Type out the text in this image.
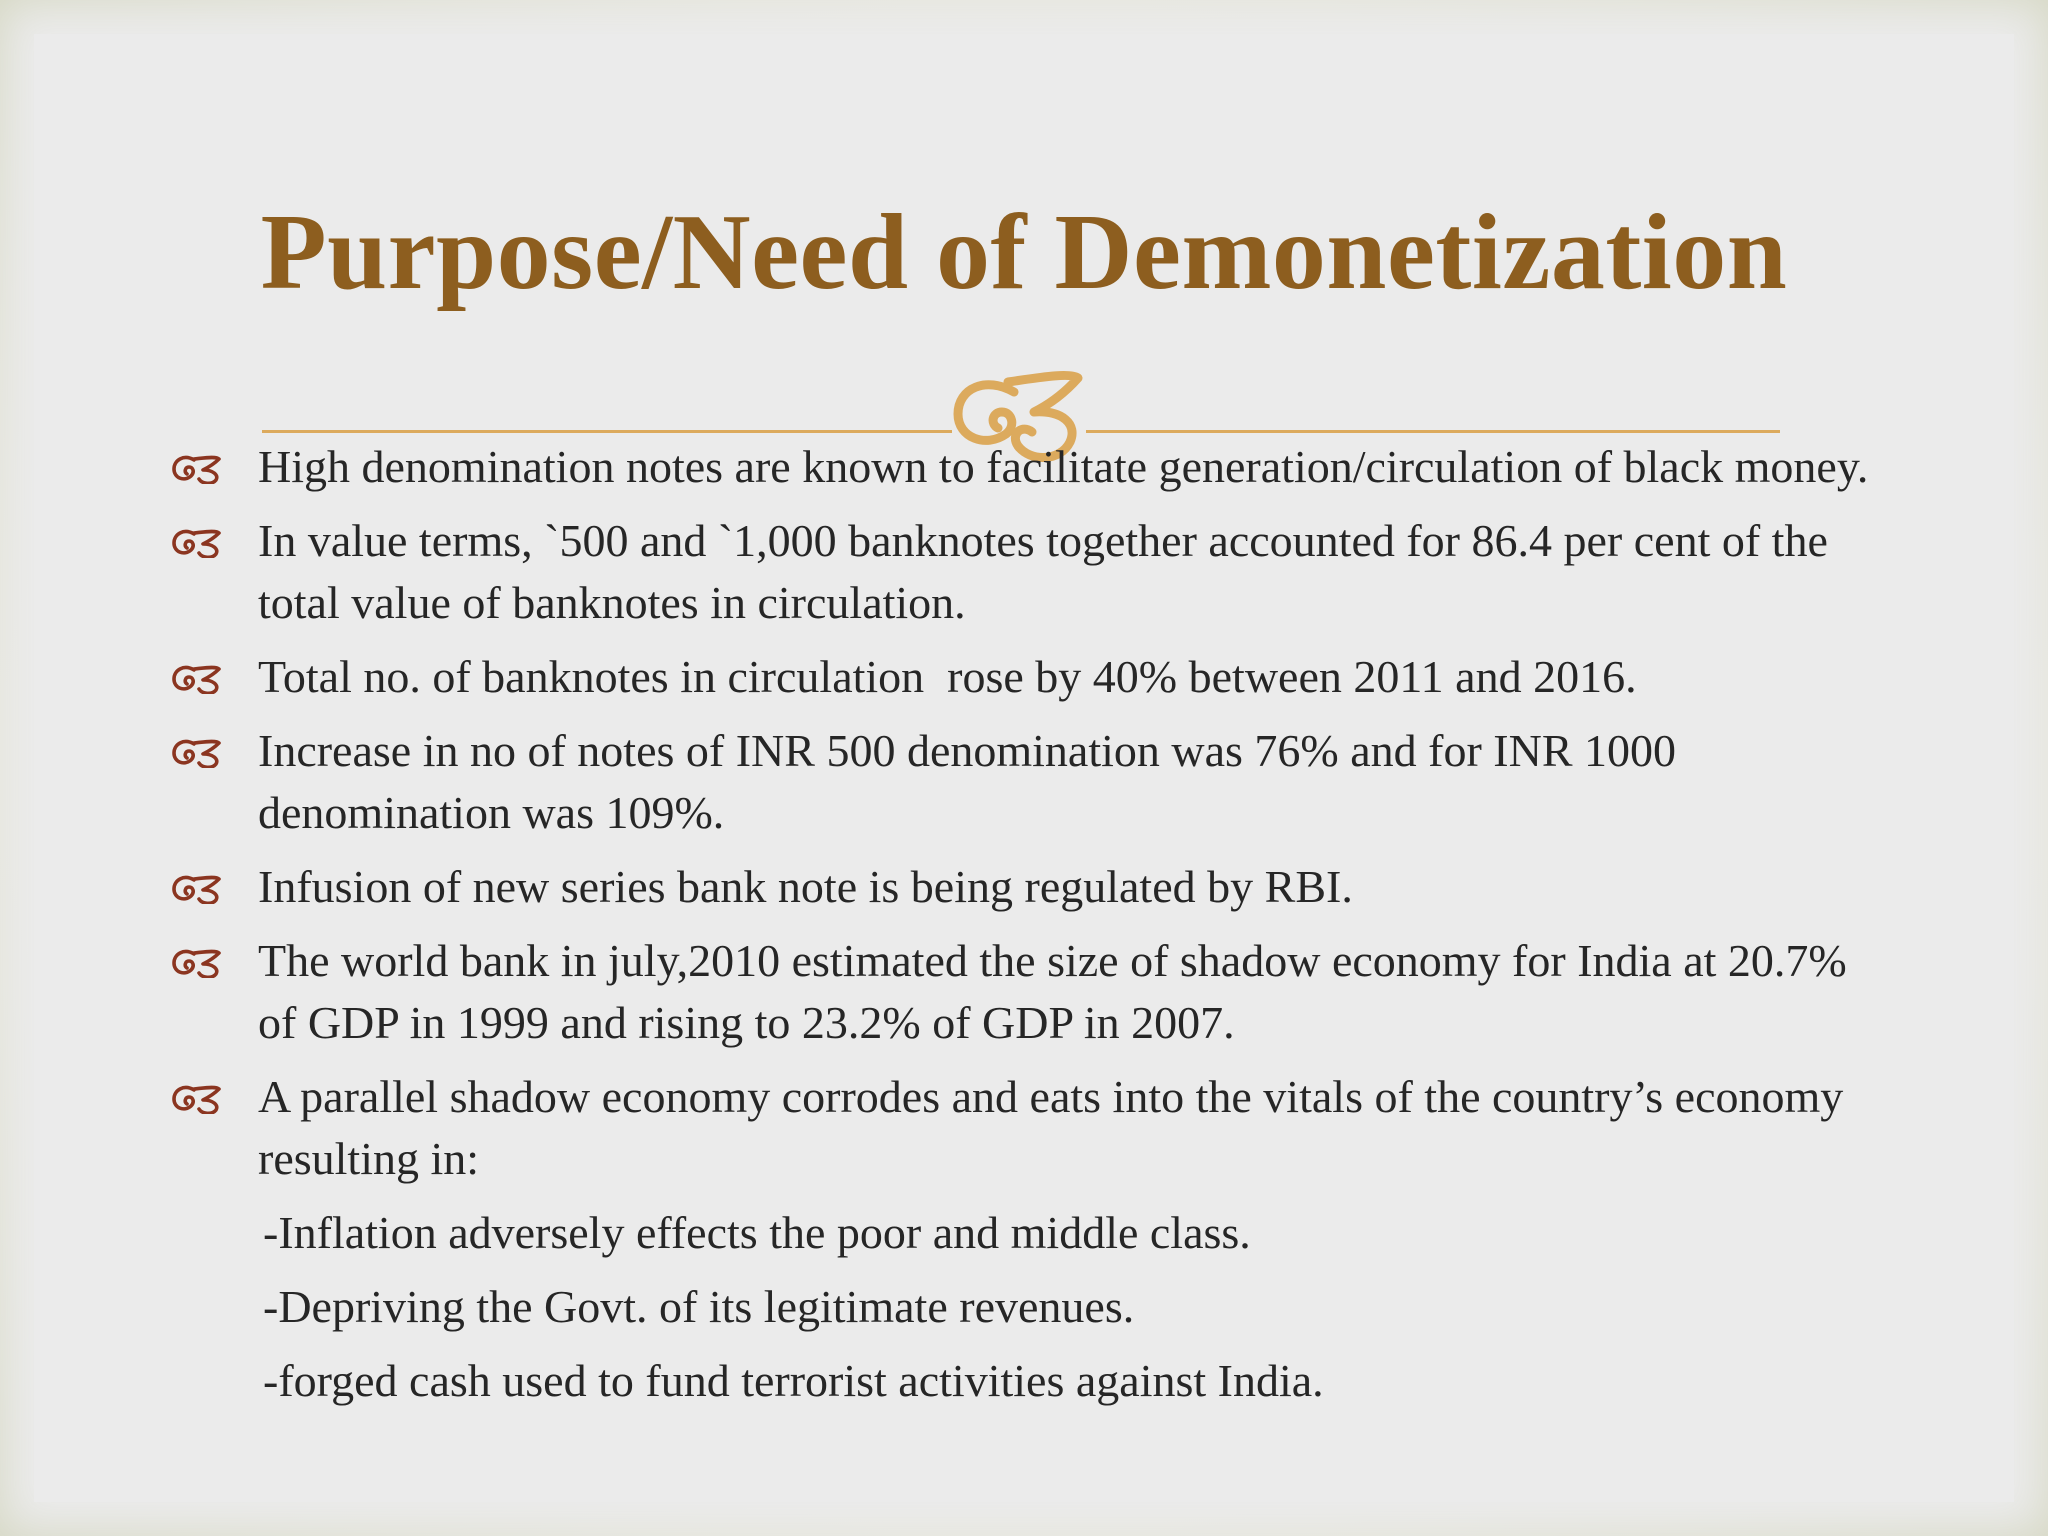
Purpose/Need of Demonetization
High denomination notes are known to facilitate generation/circulation of black money.
In value terms, `500 and `1,000 banknotes together accounted for 86.4 per cent of the total value of banknotes in circulation.
Total no. of banknotes in circulation  rose by 40% between 2011 and 2016.
Increase in no of notes of INR 500 denomination was 76% and for INR 1000 denomination was 109%.
Infusion of new series bank note is being regulated by RBI.
The world bank in july,2010 estimated the size of shadow economy for India at 20.7% of GDP in 1999 and rising to 23.2% of GDP in 2007.
A parallel shadow economy corrodes and eats into the vitals of the country’s economy resulting in:
-Inflation adversely effects the poor and middle class.
-Depriving the Govt. of its legitimate revenues.
-forged cash used to fund terrorist activities against India.
